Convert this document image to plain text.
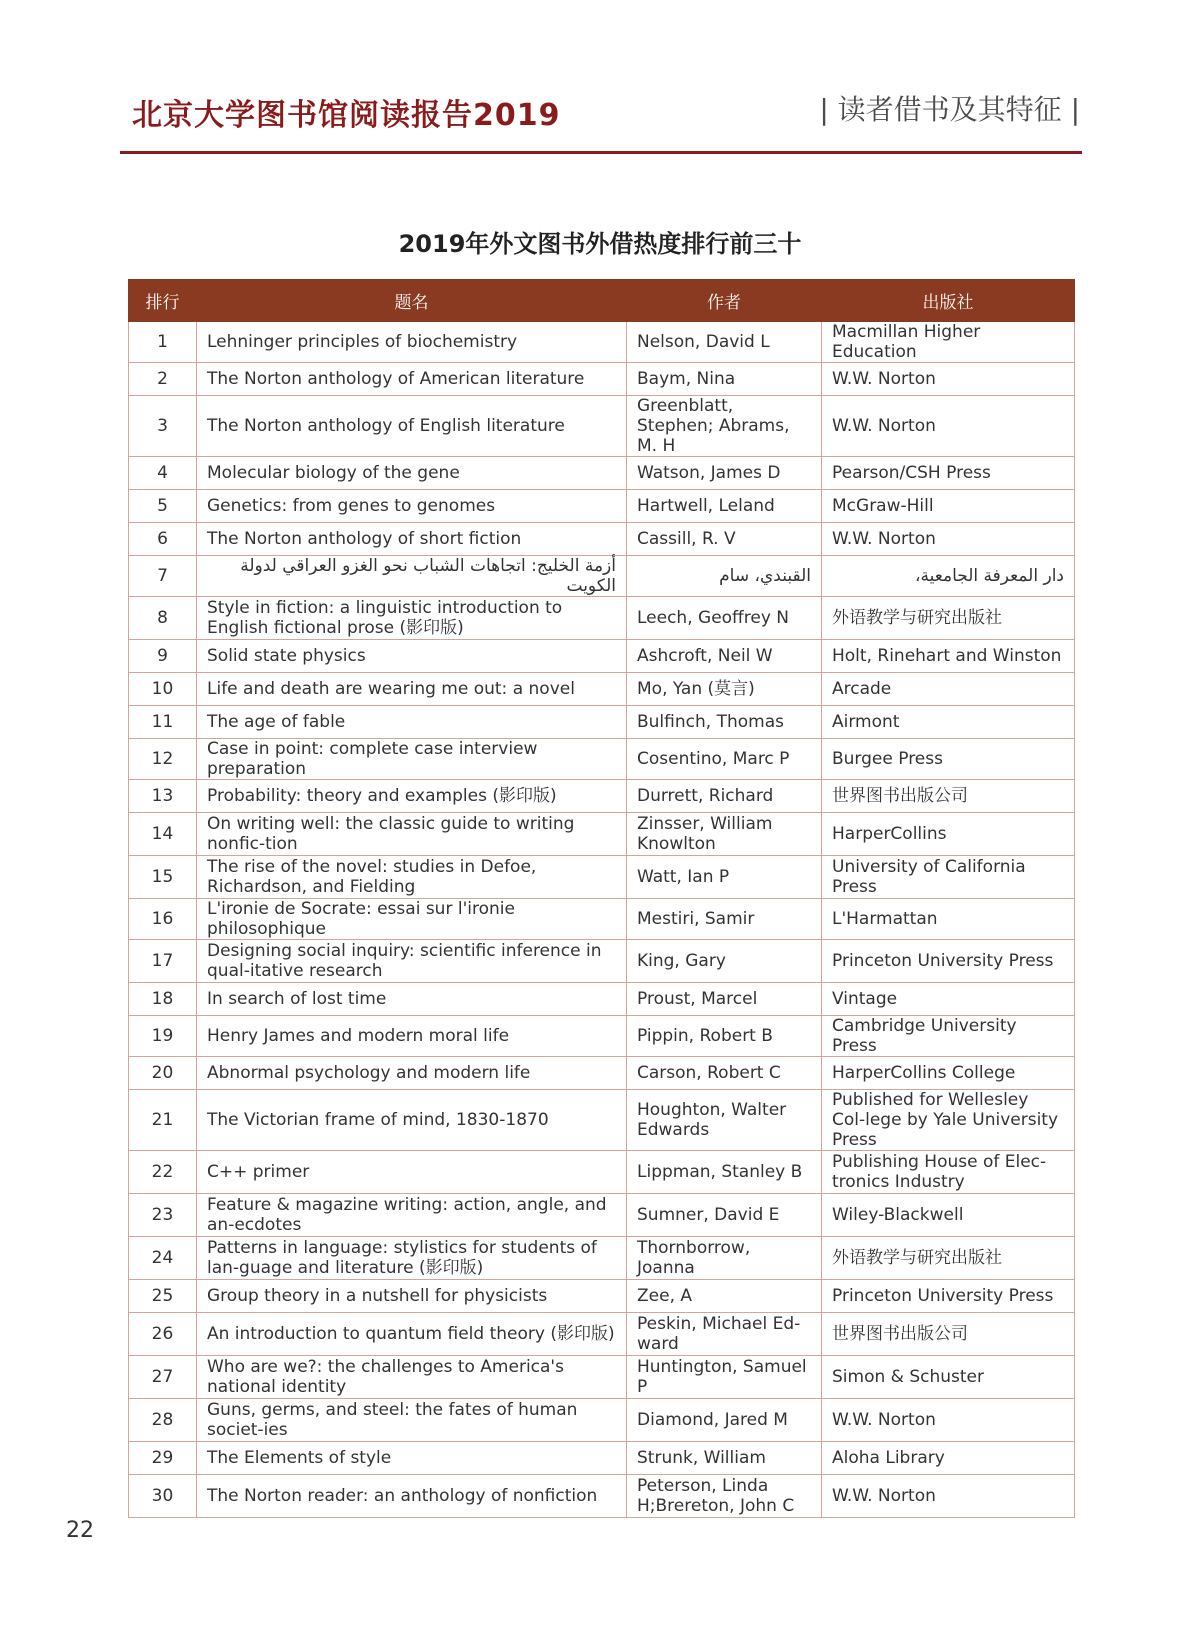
北京大学图书馆阅读报告2019	| 读者借书及其特征 |
2019年外文图书外借热度排行前三十
排行	题名	作者	出版社
1	Lehninger principles of biochemistry	Nelson, David L	Macmillan Higher Education
2	The Norton anthology of American literature	Baym, Nina	W.W. Norton
3	The Norton anthology of English literature	Greenblatt, Stephen; Abrams, M. H	W.W. Norton
4	Molecular biology of the gene	Watson, James D	Pearson/CSH Press
5	Genetics: from genes to genomes	Hartwell, Leland	McGraw-Hill
6	The Norton anthology of short fiction	Cassill, R. V	W.W. Norton
7	أزمة الخليج: اتجاهات الشباب نحو الغزو العراقي لدولة الكويت	القبندي، سام	دار المعرفة الجامعية،
8	Style in fiction: a linguistic introduction to English fictional prose (影印版)	Leech, Geoffrey N	外语教学与研究出版社
9	Solid state physics	Ashcroft, Neil W	Holt, Rinehart and Winston
10	Life and death are wearing me out: a novel	Mo, Yan (莫言)	Arcade
11	The age of fable	Bulfinch, Thomas	Airmont
12	Case in point: complete case interview preparation	Cosentino, Marc P	Burgee Press
13	Probability: theory and examples (影印版)	Durrett, Richard	世界图书出版公司
14	On writing well: the classic guide to writing nonfic-tion	Zinsser, William Knowlton	HarperCollins
15	The rise of the novel: studies in Defoe, Richardson, and Fielding	Watt, Ian P	University of California Press
16	L'ironie de Socrate: essai sur l'ironie philosophique	Mestiri, Samir	L'Harmattan
17	Designing social inquiry: scientific inference in qual-itative research	King, Gary	Princeton University Press
18	In search of lost time	Proust, Marcel	Vintage
19	Henry James and modern moral life	Pippin, Robert B	Cambridge University Press
20	Abnormal psychology and modern life	Carson, Robert C	HarperCollins College
21	The Victorian frame of mind, 1830-1870	Houghton, Walter Edwards	Published for Wellesley Col-lege by Yale University Press
22	C++ primer	Lippman, Stanley B	Publishing House of Elec-tronics Industry
23	Feature & magazine writing: action, angle, and an-ecdotes	Sumner, David E	Wiley-Blackwell
24	Patterns in language: stylistics for students of lan-guage and literature (影印版)	Thornborrow, Joanna	外语教学与研究出版社
25	Group theory in a nutshell for physicists	Zee, A	Princeton University Press
26	An introduction to quantum field theory (影印版)	Peskin, Michael Ed-ward	世界图书出版公司
27	Who are we?: the challenges to America's national identity	Huntington, Samuel P	Simon & Schuster
28	Guns, germs, and steel: the fates of human societ-ies	Diamond, Jared M	W.W. Norton
29	The Elements of style	Strunk, William	Aloha Library
30	The Norton reader: an anthology of nonfiction	Peterson, Linda H;Brereton, John C	W.W. Norton
22
